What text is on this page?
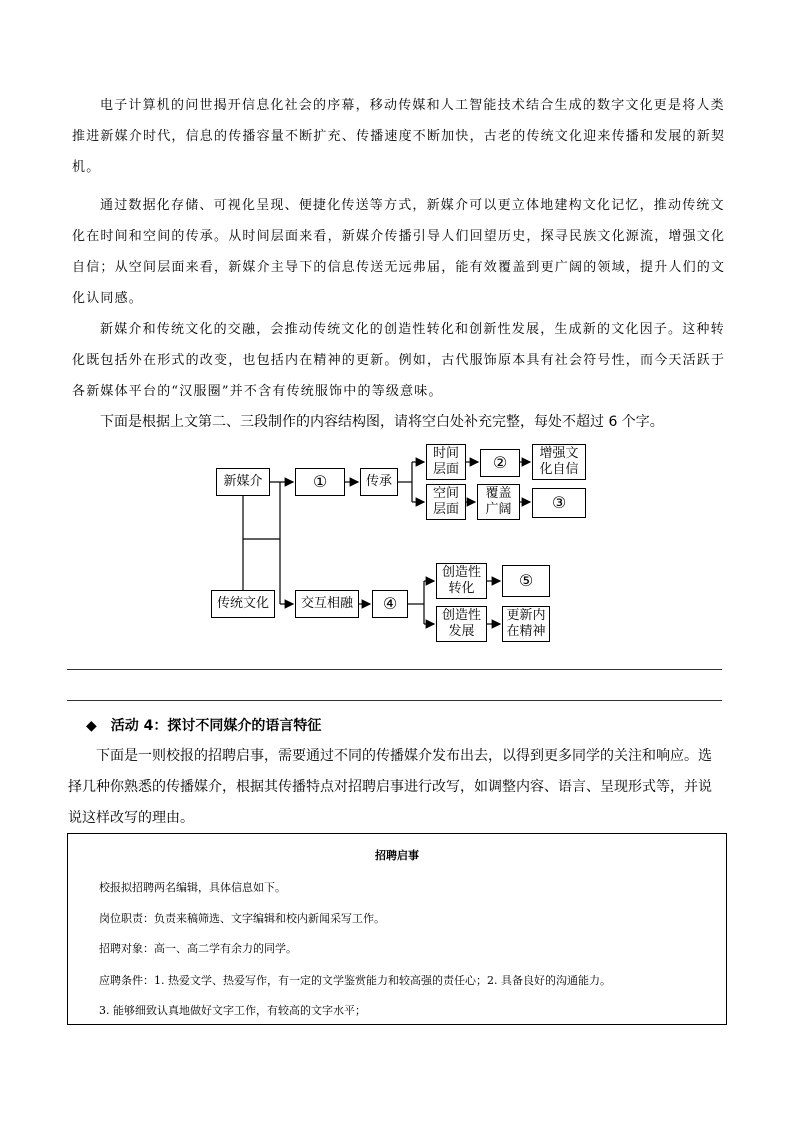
电子计算机的问世揭开信息化社会的序幕，移动传媒和人工智能技术结合生成的数字文化更是将人类
推进新媒介时代，信息的传播容量不断扩充、传播速度不断加快，古老的传统文化迎来传播和发展的新契
机。
通过数据化存储、可视化呈现、便捷化传送等方式，新媒介可以更立体地建构文化记忆，推动传统文
化在时间和空间的传承。从时间层面来看，新媒介传播引导人们回望历史，探寻民族文化源流，增强文化
自信；从空间层面来看，新媒介主导下的信息传送无远弗届，能有效覆盖到更广阔的领域，提升人们的文
化认同感。
新媒介和传统文化的交融，会推动传统文化的创造性转化和创新性发展，生成新的文化因子。这种转
化既包括外在形式的改变，也包括内在精神的更新。例如，古代服饰原本具有社会符号性，而今天活跃于
各新媒体平台的“汉服圈”并不含有传统服饰中的等级意味。
下面是根据上文第二、三段制作的内容结构图，请将空白处补充完整，每处不超过 6 个字。
新媒介	①	传承
时间
层面	②	增强文
化自信
空间
层面
覆盖
广阔	③
传统文化	交互相融	④
创造性
转化	⑤
创造性
发展
更新内
在精神
◆　活动 4：探讨不同媒介的语言特征
下面是一则校报的招聘启事，需要通过不同的传播媒介发布出去，以得到更多同学的关注和响应。选
择几种你熟悉的传播媒介，根据其传播特点对招聘启事进行改写，如调整内容、语言、呈现形式等，并说
说这样改写的理由。
招聘启事
校报拟招聘两名编辑，具体信息如下。
岗位职责：负责来稿筛选、文字编辑和校内新闻采写工作。
招聘对象：高一、高二学有余力的同学。
应聘条件：1. 热爱文学、热爱写作，有一定的文学鉴赏能力和较高强的责任心；2. 具备良好的沟通能力。
3. 能够细致认真地做好文字工作，有较高的文字水平；
